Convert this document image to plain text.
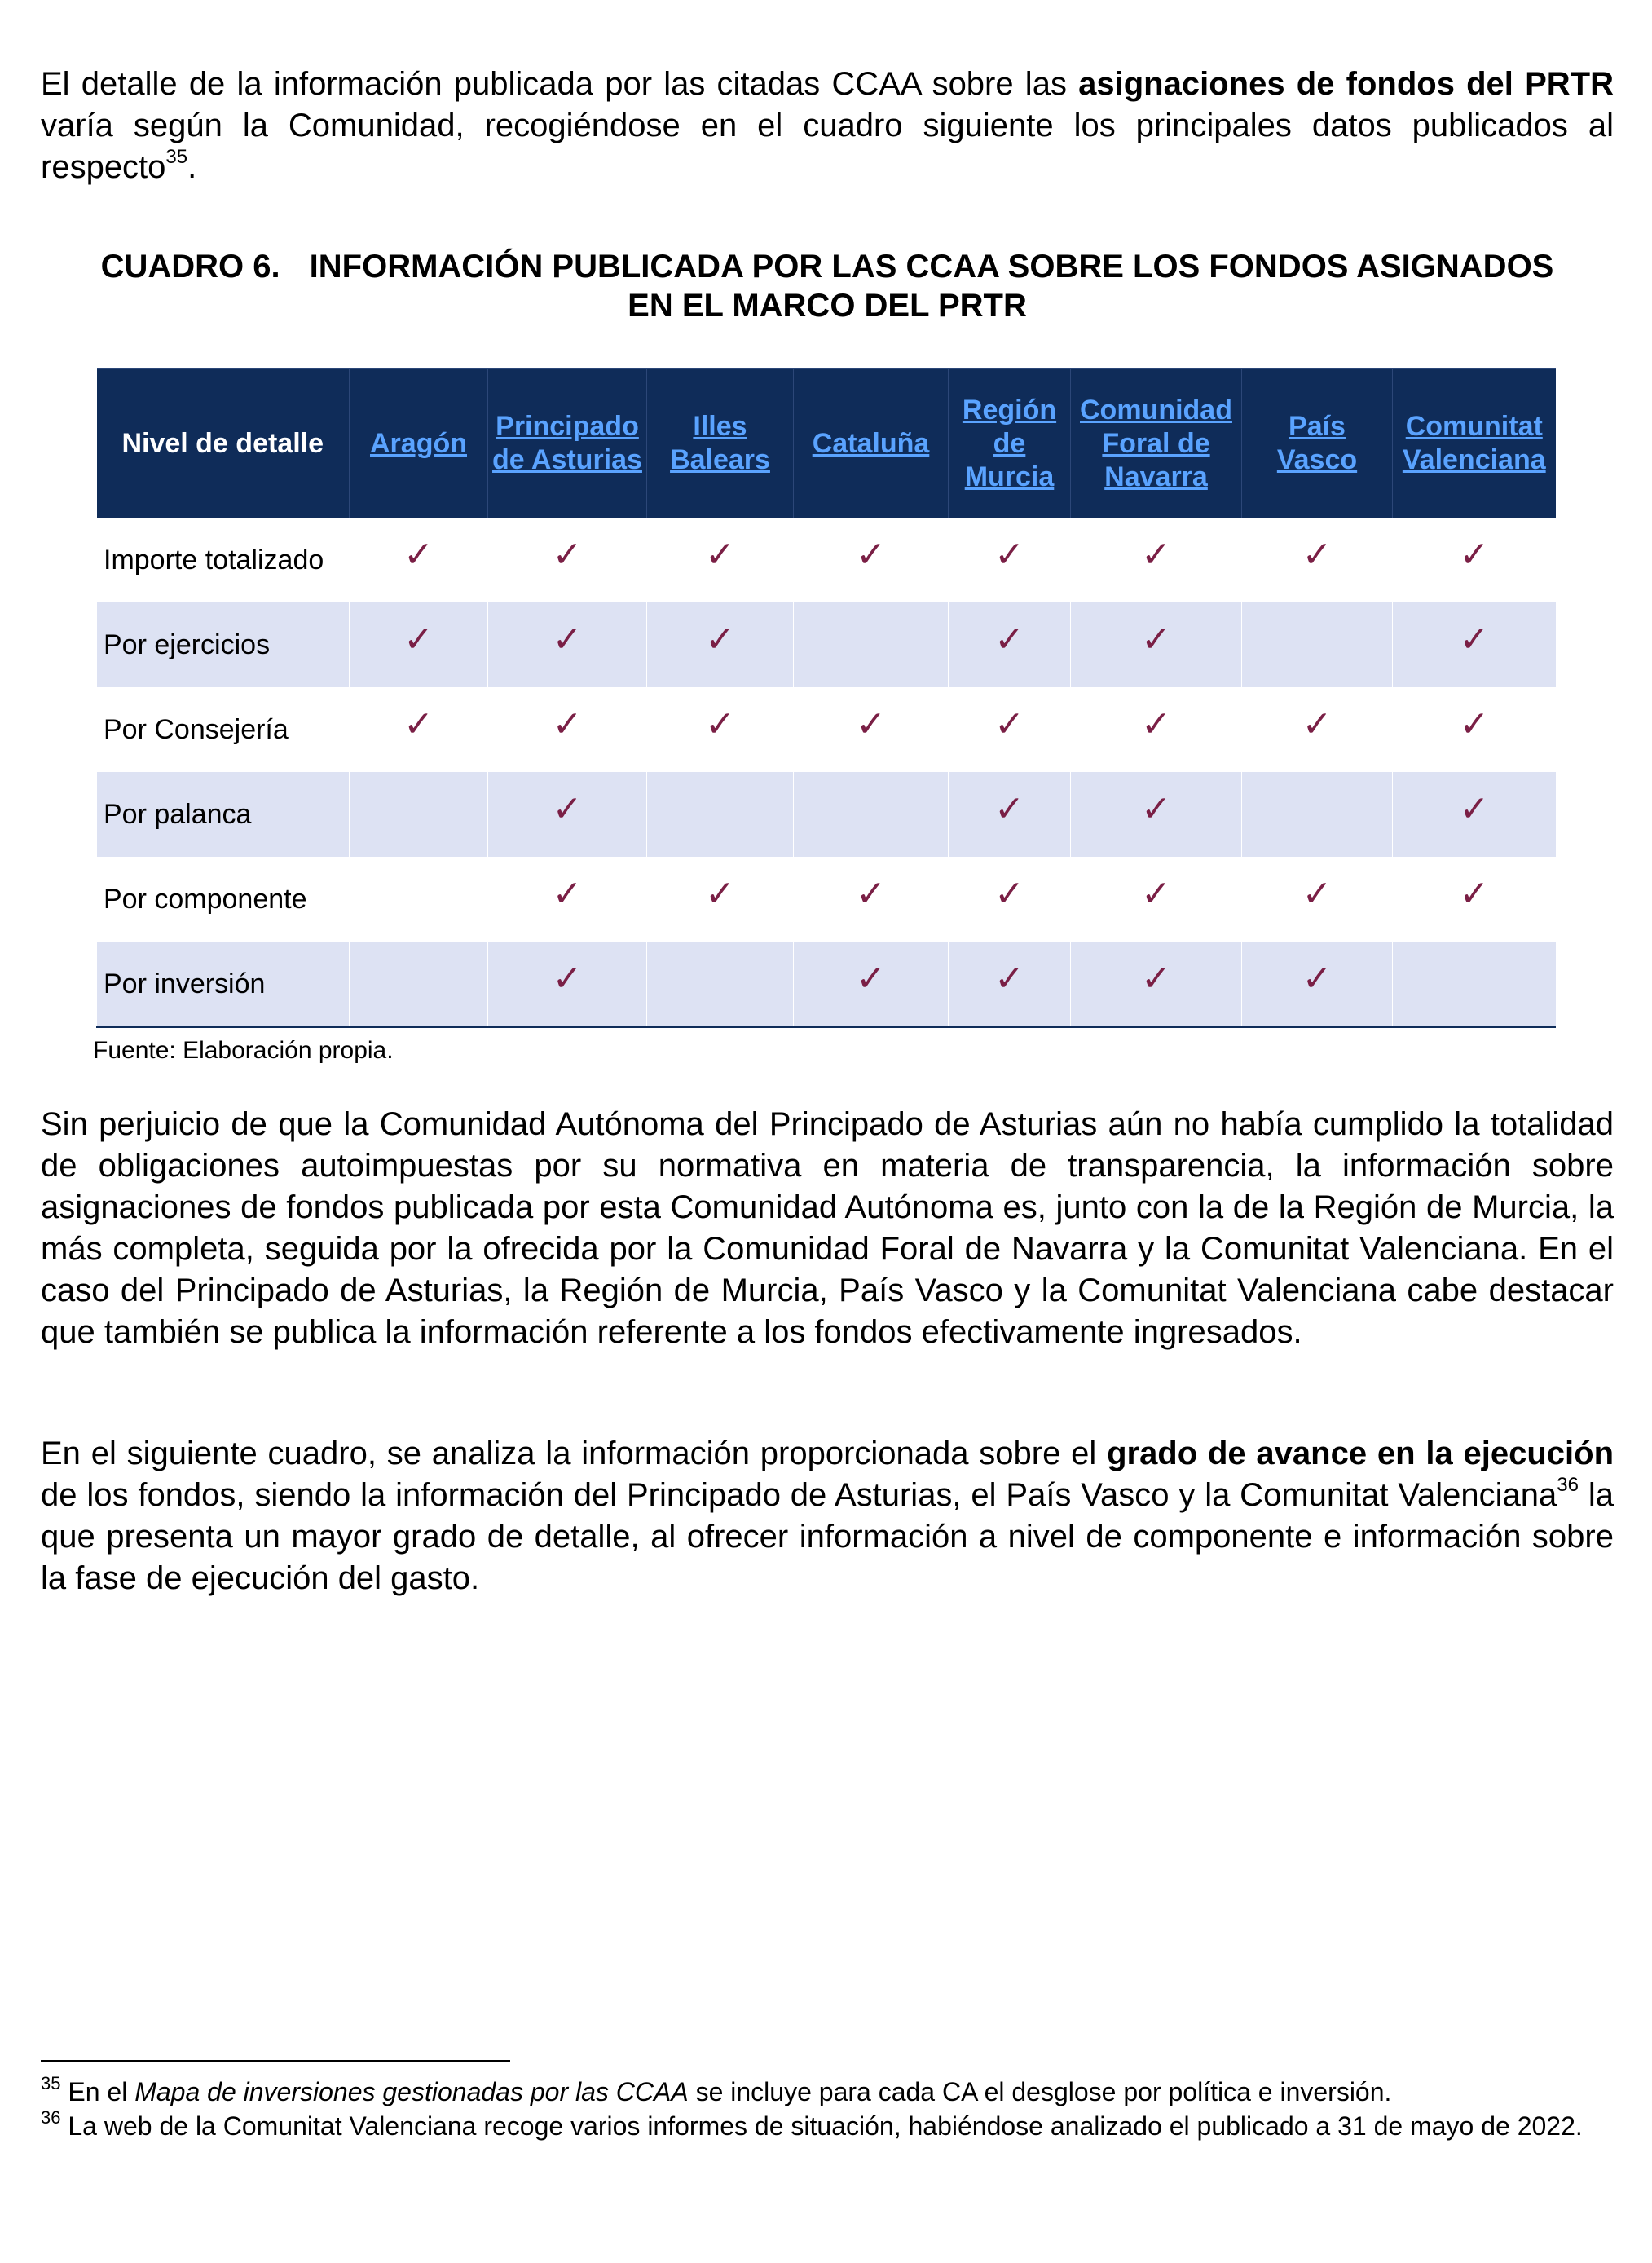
El detalle de la información publicada por las citadas CCAA sobre las asignaciones de fondos del PRTR varía según la Comunidad, recogiéndose en el cuadro siguiente los principales datos publicados al respecto$^{35}$.

CUADRO 6. INFORMACIÓN PUBLICADA POR LAS CCAA SOBRE LOS FONDOS ASIGNADOS EN EL MARCO DEL PRTR

Nivel de detalle	Aragón	Principado de Asturias	Illes Balears	Cataluña	Región de Murcia	Comunidad Foral de Navarra	País Vasco	Comunitat Valenciana
Importe totalizado	✓	✓	✓	✓	✓	✓	✓	✓
Por ejercicios	✓	✓	✓		✓	✓		✓
Por Consejería	✓	✓	✓	✓	✓	✓	✓	✓
Por palanca		✓			✓	✓		✓
Por componente		✓	✓	✓	✓	✓	✓	✓
Por inversión		✓		✓	✓	✓	✓	

Fuente: Elaboración propia.

Sin perjuicio de que la Comunidad Autónoma del Principado de Asturias aún no había cumplido la totalidad de obligaciones autoimpuestas por su normativa en materia de transparencia, la información sobre asignaciones de fondos publicada por esta Comunidad Autónoma es, junto con la de la Región de Murcia, la más completa, seguida por la ofrecida por la Comunidad Foral de Navarra y la Comunitat Valenciana. En el caso del Principado de Asturias, la Región de Murcia, País Vasco y la Comunitat Valenciana cabe destacar que también se publica la información referente a los fondos efectivamente ingresados.

En el siguiente cuadro, se analiza la información proporcionada sobre el grado de avance en la ejecución de los fondos, siendo la información del Principado de Asturias, el País Vasco y la Comunitat Valenciana$^{36}$ la que presenta un mayor grado de detalle, al ofrecer información a nivel de componente e información sobre la fase de ejecución del gasto.

$^{35}$ En el Mapa de inversiones gestionadas por las CCAA se incluye para cada CA el desglose por política e inversión.

$^{36}$ La web de la Comunitat Valenciana recoge varios informes de situación, habiéndose analizado el publicado a 31 de mayo de 2022.
